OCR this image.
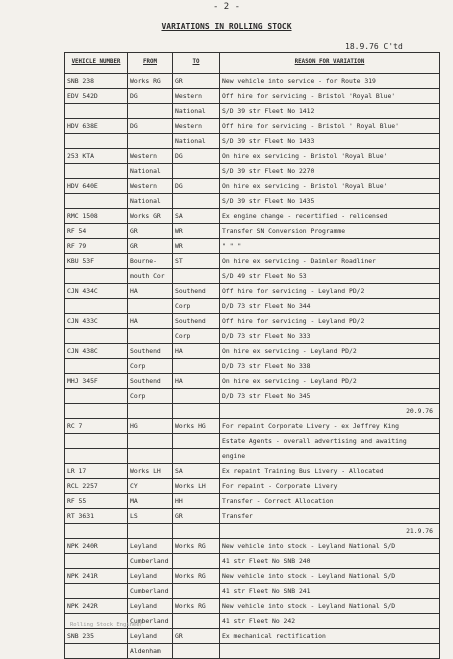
- 2 -
VARIATIONS IN ROLLING STOCK
18.9.76 C'td
VEHICLE NUMBER	FROM	TO	REASON FOR VARIATION
SNB 238	Works RG	GR	New vehicle into service - for Route 319
EDV 542D	DG	Western	Off hire for servicing - Bristol 'Royal Blue'
		National	S/D 39 str Fleet No 1412
HDV 638E	DG	Western	Off hire for servicing - Bristol ' Royal Blue'
		National	S/D 39 str Fleet No 1433
253 KTA	Western	DG	On hire ex servicing - Bristol 'Royal Blue'
	National		S/D 39 str Fleet No 2270
HDV 640E	Western	DG	On hire ex servicing - Bristol 'Royal Blue'
	National		S/D 39 str Fleet No 1435
RMC 1508	Works GR	SA	Ex engine change - recertified - relicensed
RF 54	GR	WR	Transfer SN Conversion Programme
RF 79	GR	WR	" " "
KBU 53F	Bourne-	ST	On hire ex servicing - Daimler Roadliner
	mouth Cor		S/D 49 str Fleet No 53
CJN 434C	HA	Southend	Off hire for servicing - Leyland PD/2
		Corp	D/D 73 str Fleet No 344
CJN 433C	HA	Southend	Off hire for servicing - Leyland PD/2
		Corp	D/D 73 str Fleet No 333
CJN 438C	Southend	HA	On hire ex servicing - Leyland PD/2
	Corp		D/D 73 str Fleet No 338
MHJ 345F	Southend	HA	On hire ex servicing - Leyland PD/2
	Corp		D/D 73 str Fleet No 345
			20.9.76
RC 7	HG	Works HG	For repaint Corporate Livery - ex Jeffrey King
			Estate Agents - overall advertising and awaiting
			engine
LR 17	Works LH	SA	Ex repaint Training Bus Livery - Allocated
RCL 2257	CY	Works LH	For repaint - Corporate Livery
RF 55	MA	HH	Transfer - Correct Allocation
RT 3631	LS	GR	Transfer
			21.9.76
NPK 240R	Leyland	Works RG	New vehicle into stock - Leyland National S/D
	Cumberland		41 str Fleet No SNB 240
NPK 241R	Leyland	Works RG	New vehicle into stock - Leyland National S/D
	Cumberland		41 str Fleet No SNB 241
NPK 242R	Leyland	Works RG	New vehicle into stock - Leyland National S/D
	Cumberland		41 str Fleet No 242
SNB 235	Leyland	GR	Ex mechanical rectification
	Aldenham		
Rolling Stock Engineer
